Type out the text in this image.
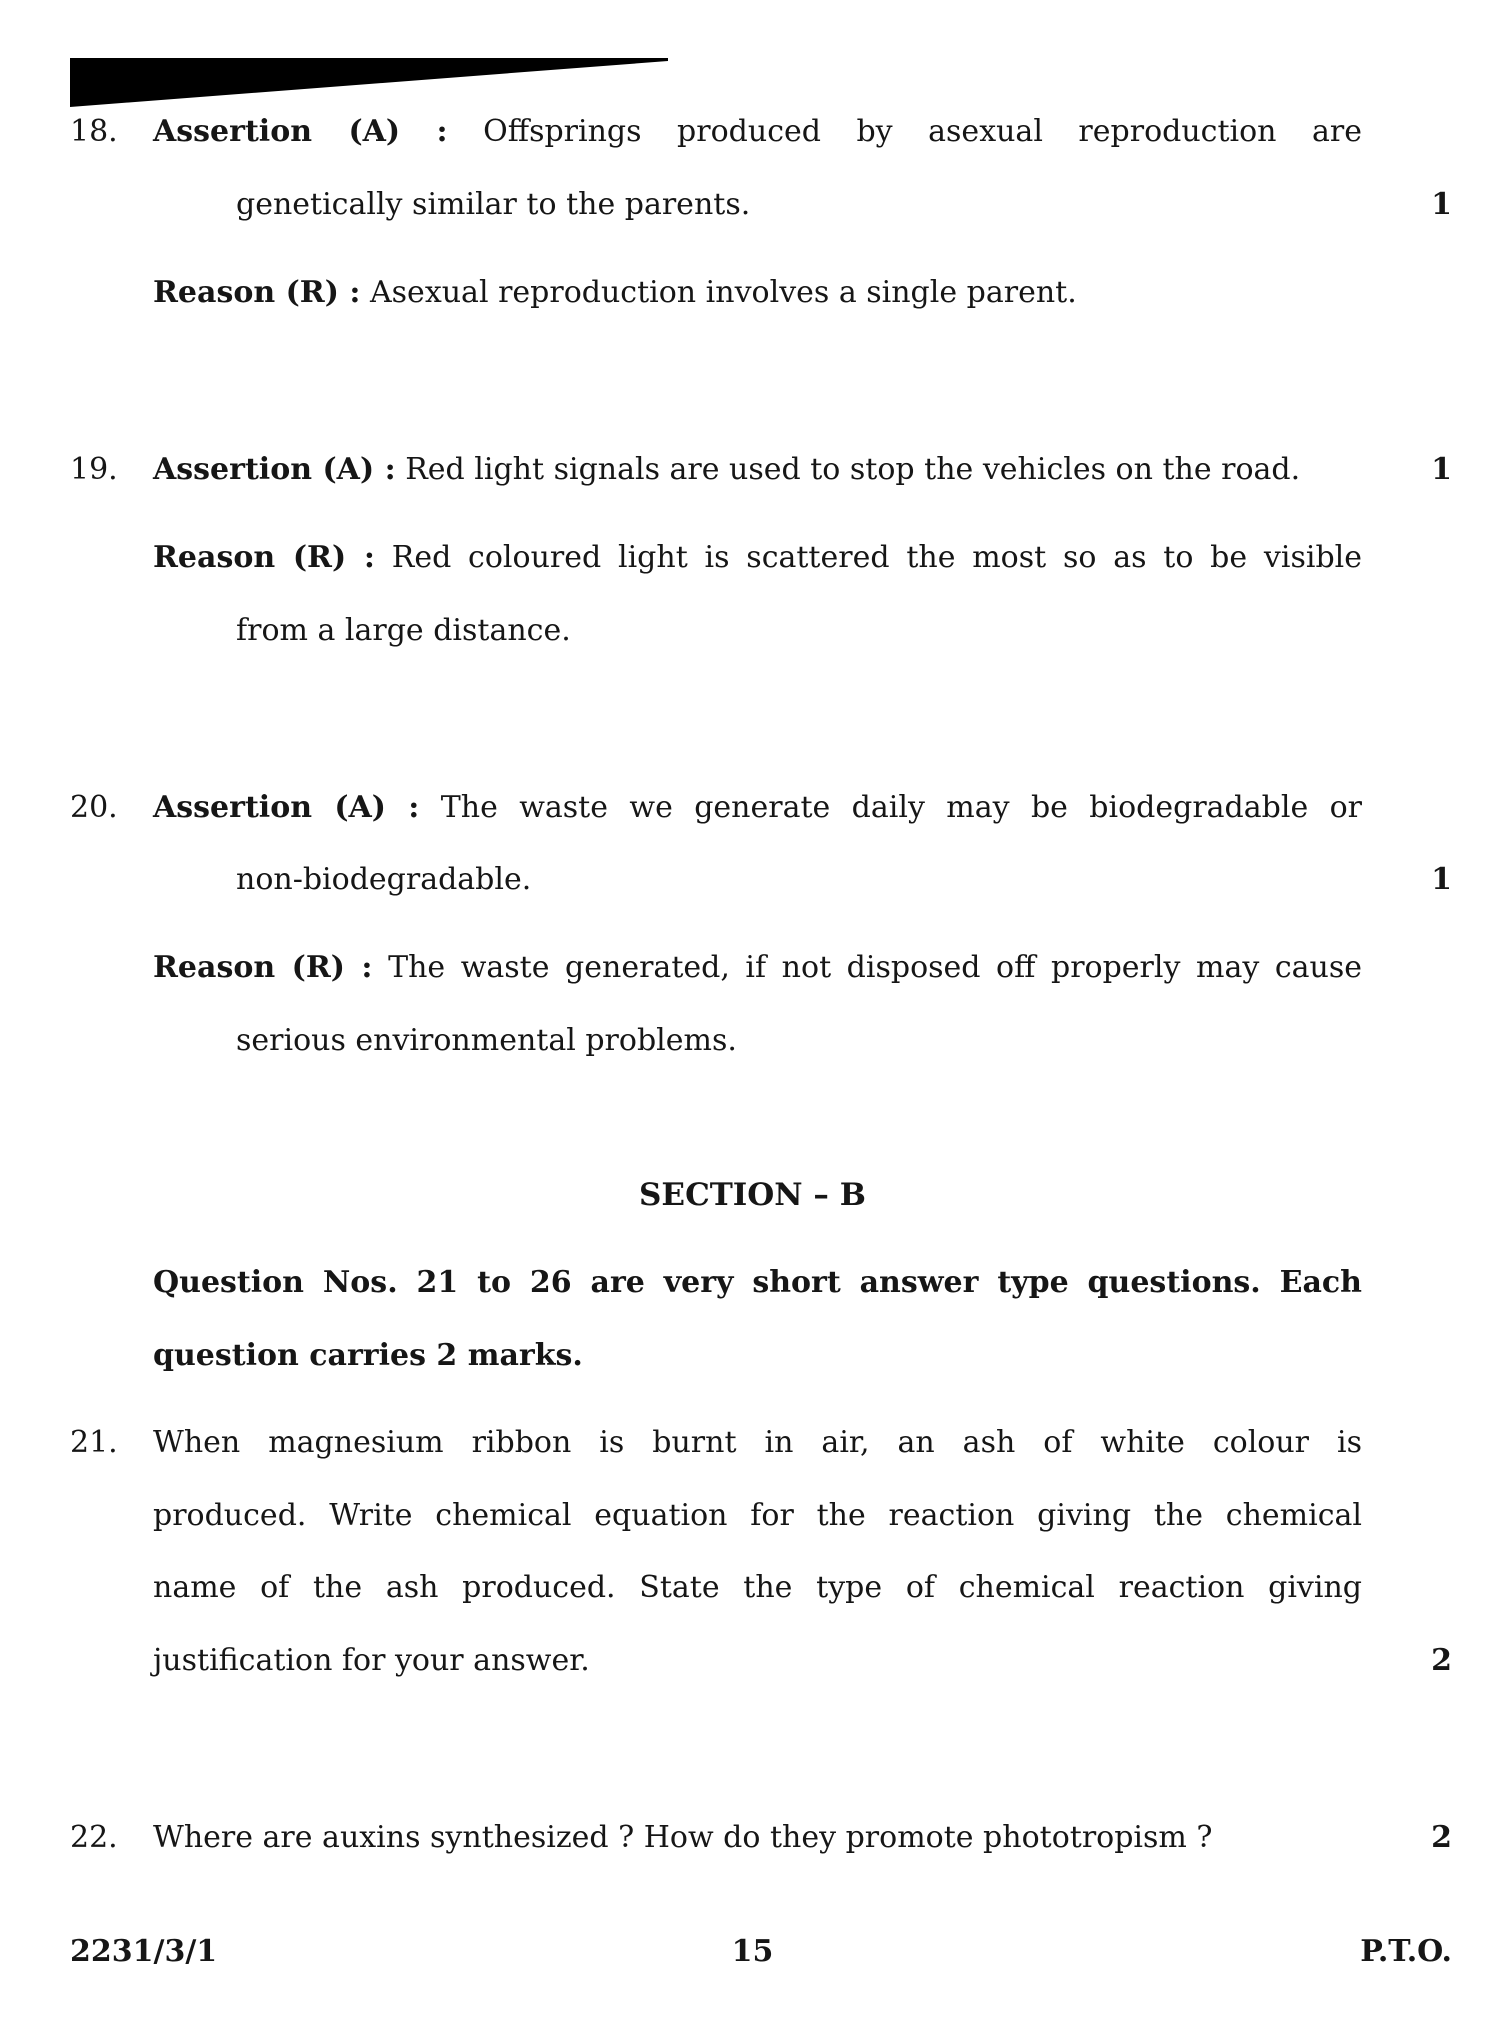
18. Assertion (A) : Offsprings produced by asexual reproduction are
genetically similar to the parents.	1
Reason (R) : Asexual reproduction involves a single parent.
19. Assertion (A) : Red light signals are used to stop the vehicles on the road.	1
Reason (R) : Red coloured light is scattered the most so as to be visible
from a large distance.
20. Assertion (A) : The waste we generate daily may be biodegradable or
non-biodegradable.	1
Reason (R) : The waste generated, if not disposed off properly may cause
serious environmental problems.
SECTION – B
Question Nos. 21 to 26 are very short answer type questions. Each
question carries 2 marks.
21. When magnesium ribbon is burnt in air, an ash of white colour is
produced. Write chemical equation for the reaction giving the chemical
name of the ash produced. State the type of chemical reaction giving
justification for your answer.	2
22. Where are auxins synthesized ? How do they promote phototropism ?	2
2231/3/1	15	P.T.O.
